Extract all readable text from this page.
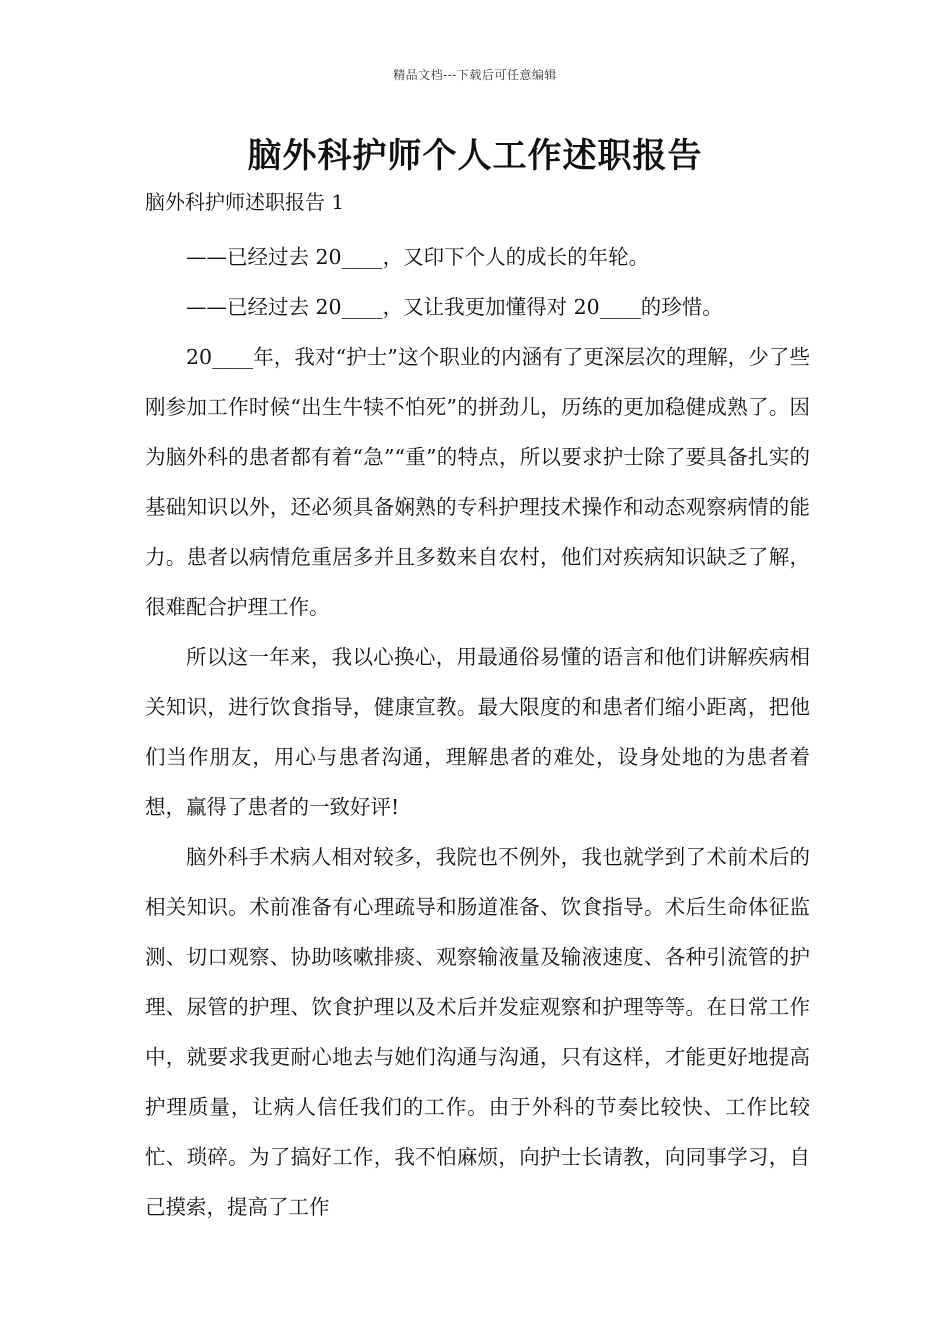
精品文档---下载后可任意编辑
脑外科护师个人工作述职报告
脑外科护师述职报告 1

——已经过去 20____，又印下个人的成长的年轮。

——已经过去 20____，又让我更加懂得对 20____的珍惜。

20____年，我对“护士”这个职业的内涵有了更深层次的理解，少了些刚参加工作时候“出生牛犊不怕死”的拼劲儿，历练的更加稳健成熟了。因为脑外科的患者都有着“急”“重”的特点，所以要求护士除了要具备扎实的基础知识以外，还必须具备娴熟的专科护理技术操作和动态观察病情的能力。患者以病情危重居多并且多数来自农村，他们对疾病知识缺乏了解，很难配合护理工作。

所以这一年来，我以心换心，用最通俗易懂的语言和他们讲解疾病相关知识，进行饮食指导，健康宣教。最大限度的和患者们缩小距离，把他们当作朋友，用心与患者沟通，理解患者的难处，设身处地的为患者着想，赢得了患者的一致好评!

脑外科手术病人相对较多，我院也不例外，我也就学到了术前术后的相关知识。术前准备有心理疏导和肠道准备、饮食指导。术后生命体征监测、切口观察、协助咳嗽排痰、观察输液量及输液速度、各种引流管的护理、尿管的护理、饮食护理以及术后并发症观察和护理等等。在日常工作中，就要求我更耐心地去与她们沟通与沟通，只有这样，才能更好地提高护理质量，让病人信任我们的工作。由于外科的节奏比较快、工作比较忙、琐碎。为了搞好工作，我不怕麻烦，向护士长请教，向同事学习，自己摸索，提高了工作
